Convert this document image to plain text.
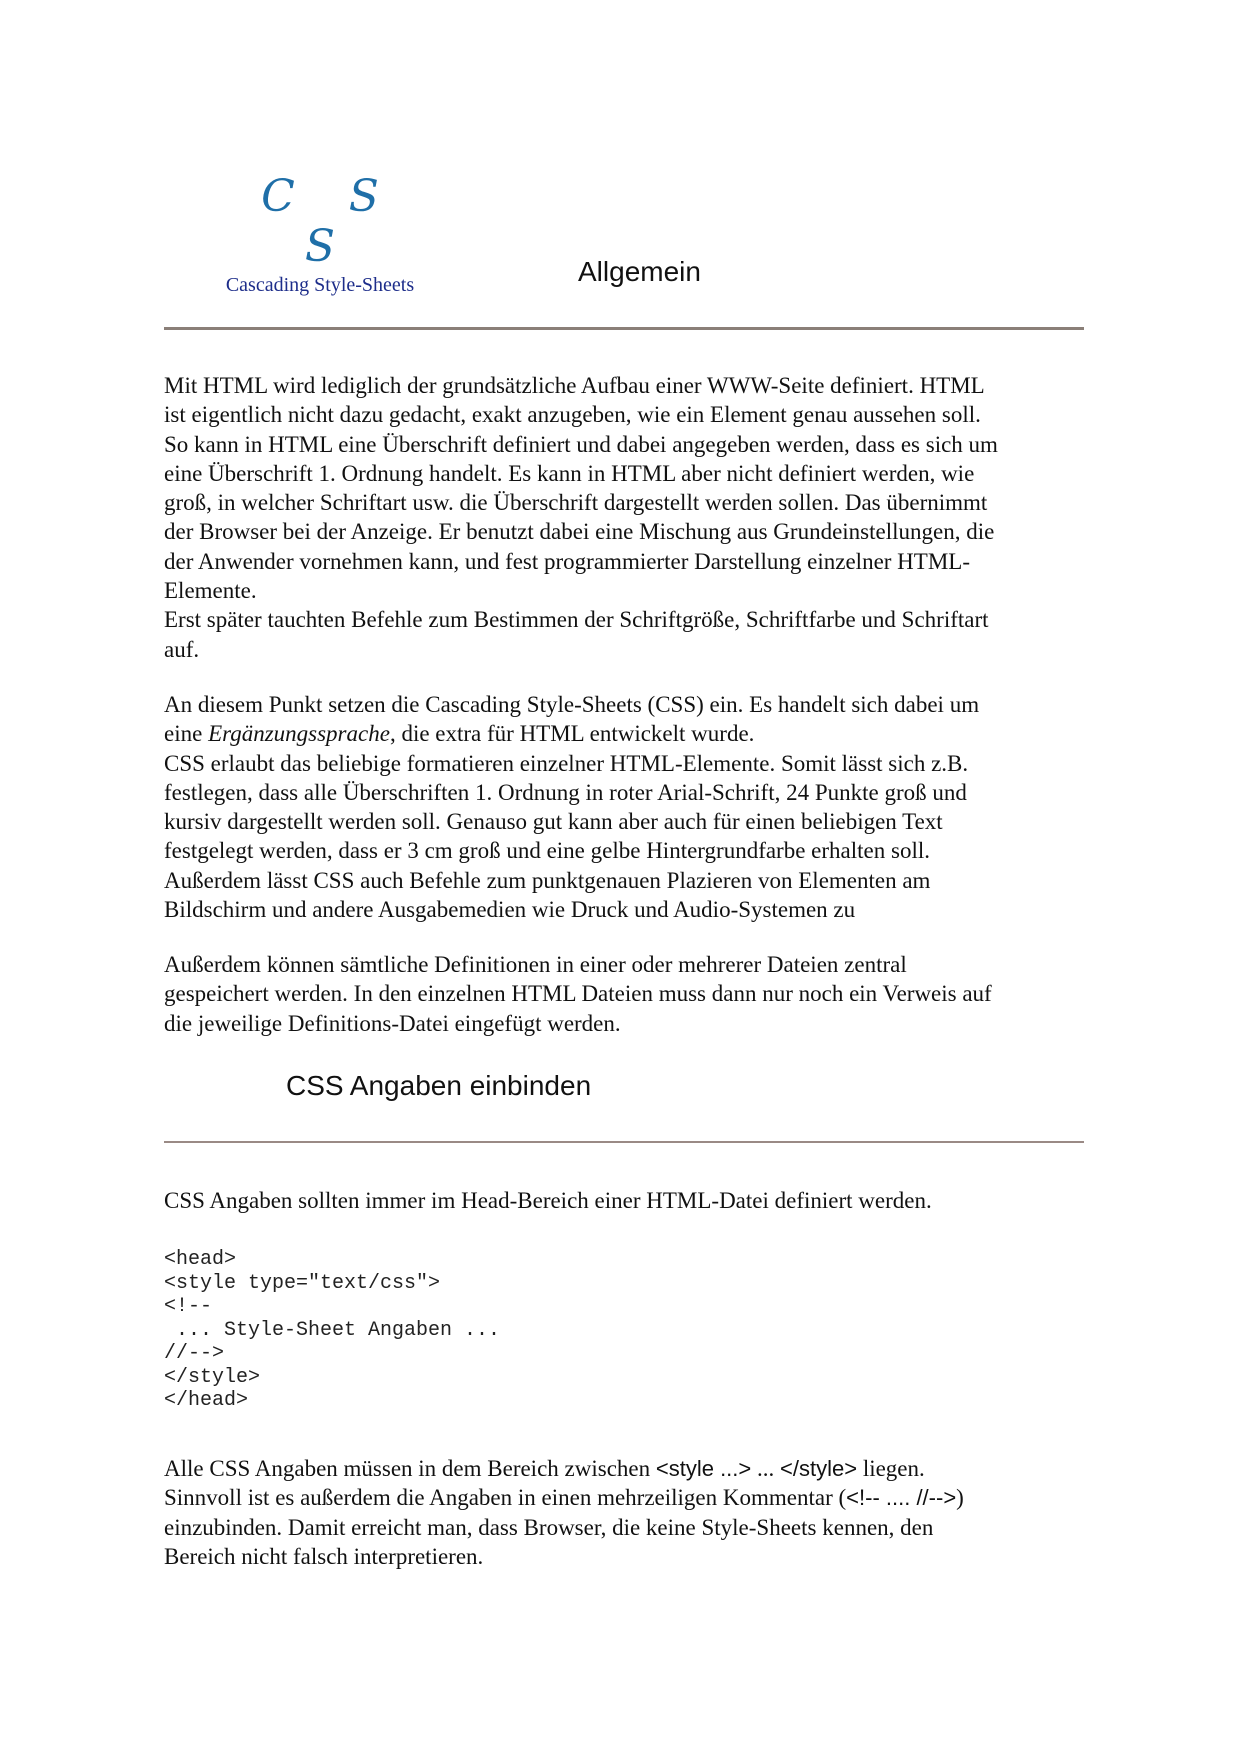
C S S
Cascading Style-Sheets	Allgemein

Mit HTML wird lediglich der grundsätzliche Aufbau einer WWW-Seite definiert. HTML
ist eigentlich nicht dazu gedacht, exakt anzugeben, wie ein Element genau aussehen soll.
So kann in HTML eine Überschrift definiert und dabei angegeben werden, dass es sich um
eine Überschrift 1. Ordnung handelt. Es kann in HTML aber nicht definiert werden, wie
groß, in welcher Schriftart usw. die Überschrift dargestellt werden sollen. Das übernimmt
der Browser bei der Anzeige. Er benutzt dabei eine Mischung aus Grundeinstellungen, die
der Anwender vornehmen kann, und fest programmierter Darstellung einzelner HTML-
Elemente.
Erst später tauchten Befehle zum Bestimmen der Schriftgröße, Schriftfarbe und Schriftart
auf.

An diesem Punkt setzen die Cascading Style-Sheets (CSS) ein. Es handelt sich dabei um
eine Ergänzungssprache, die extra für HTML entwickelt wurde.
CSS erlaubt das beliebige formatieren einzelner HTML-Elemente. Somit lässt sich z.B.
festlegen, dass alle Überschriften 1. Ordnung in roter Arial-Schrift, 24 Punkte groß und
kursiv dargestellt werden soll. Genauso gut kann aber auch für einen beliebigen Text
festgelegt werden, dass er 3 cm groß und eine gelbe Hintergrundfarbe erhalten soll.
Außerdem lässt CSS auch Befehle zum punktgenauen Plazieren von Elementen am
Bildschirm und andere Ausgabemedien wie Druck und Audio-Systemen zu

Außerdem können sämtliche Definitionen in einer oder mehrerer Dateien zentral
gespeichert werden. In den einzelnen HTML Dateien muss dann nur noch ein Verweis auf
die jeweilige Definitions-Datei eingefügt werden.

CSS Angaben einbinden

CSS Angaben sollten immer im Head-Bereich einer HTML-Datei definiert werden.

<head>
<style type="text/css">
<!--
... Style-Sheet Angaben ...
//-->
</style>
</head>

Alle CSS Angaben müssen in dem Bereich zwischen <style ...> ... </style> liegen.
Sinnvoll ist es außerdem die Angaben in einen mehrzeiligen Kommentar (<!-- .... //-->)
einzubinden. Damit erreicht man, dass Browser, die keine Style-Sheets kennen, den
Bereich nicht falsch interpretieren.
